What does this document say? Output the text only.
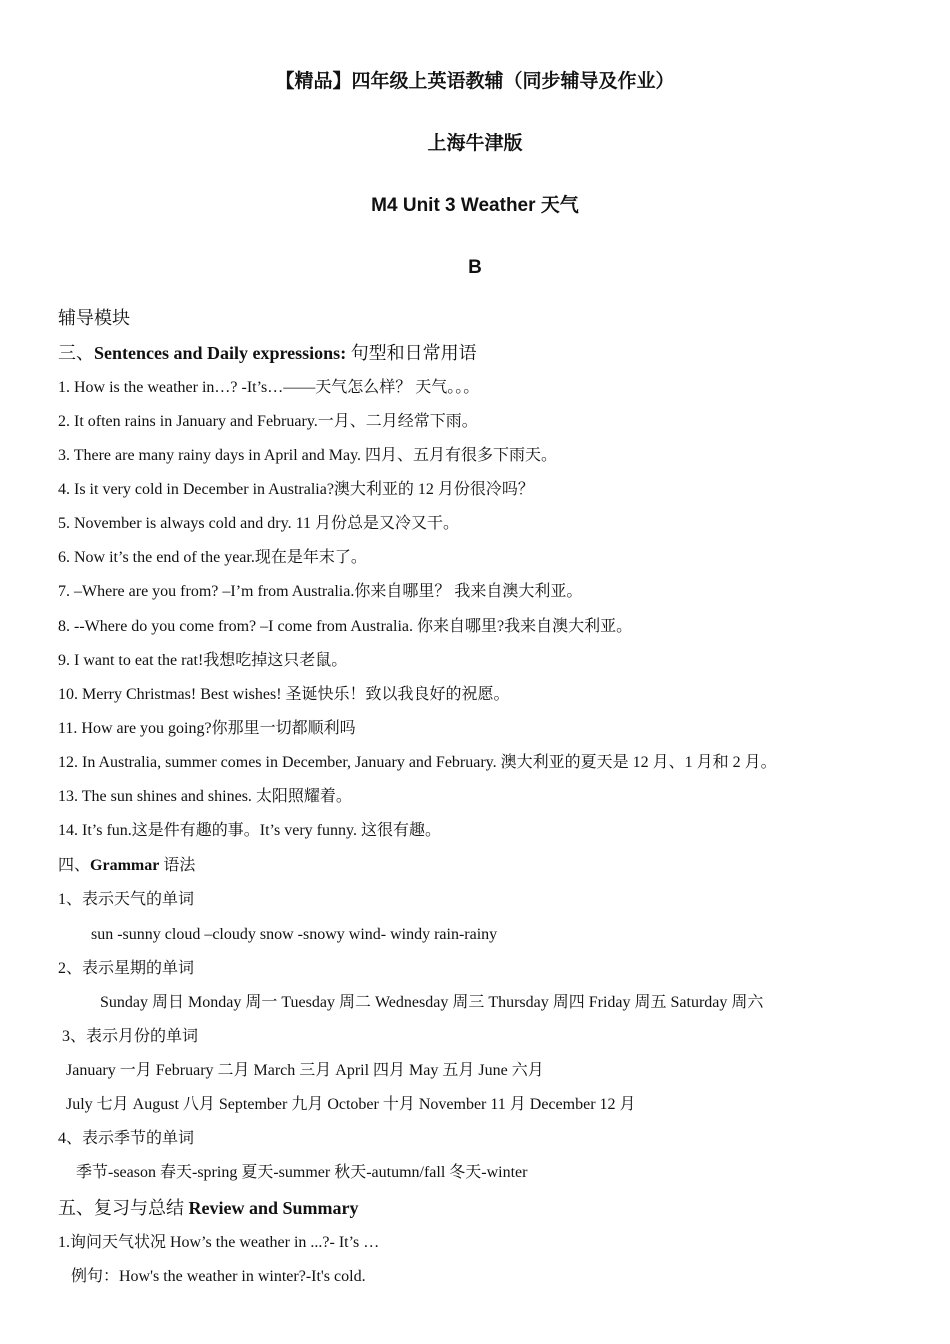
【精品】四年级上英语教辅（同步辅导及作业）
上海牛津版
M4 Unit 3 Weather 天气
B
辅导模块
三、Sentences and Daily expressions: 句型和日常用语
1. How is the weather in…? -It’s…——天气怎么样？ 天气。。。
2. It often rains in January and February.一月、二月经常下雨。
3. There are many rainy days in April and May. 四月、五月有很多下雨天。
4. Is it very cold in December in Australia?澳大利亚的 12 月份很冷吗？
5. November is always cold and dry. 11 月份总是又冷又干。
6. Now it’s the end of the year.现在是年末了。
7. –Where are you from? –I’m from Australia.你来自哪里？ 我来自澳大利亚。
8. --Where do you come from? –I come from Australia. 你来自哪里?我来自澳大利亚。
9. I want to eat the rat!我想吃掉这只老鼠。
10. Merry Christmas! Best wishes! 圣诞快乐！致以我良好的祝愿。
11. How are you going?你那里一切都顺利吗
12. In Australia, summer comes in December, January and February. 澳大利亚的夏天是 12 月、1 月和 2 月。
13. The sun shines and shines. 太阳照耀着。
14. It’s fun.这是件有趣的事。It’s very funny. 这很有趣。
四、Grammar 语法
1、表示天气的单词
sun -sunny cloud –cloudy snow -snowy wind- windy rain-rainy
2、表示星期的单词
Sunday 周日 Monday 周一 Tuesday 周二 Wednesday 周三 Thursday 周四 Friday 周五 Saturday 周六
3、表示月份的单词
January 一月 February 二月 March 三月 April 四月 May 五月 June 六月
July 七月 August 八月 September 九月 October 十月 November 11 月 December 12 月
4、表示季节的单词
季节-season 春天-spring 夏天-summer 秋天-autumn/fall 冬天-winter
五、复习与总结 Review and Summary
1.询问天气状况 How’s the weather in ...?- It’s …
例句：How's the weather in winter?-It's cold.
